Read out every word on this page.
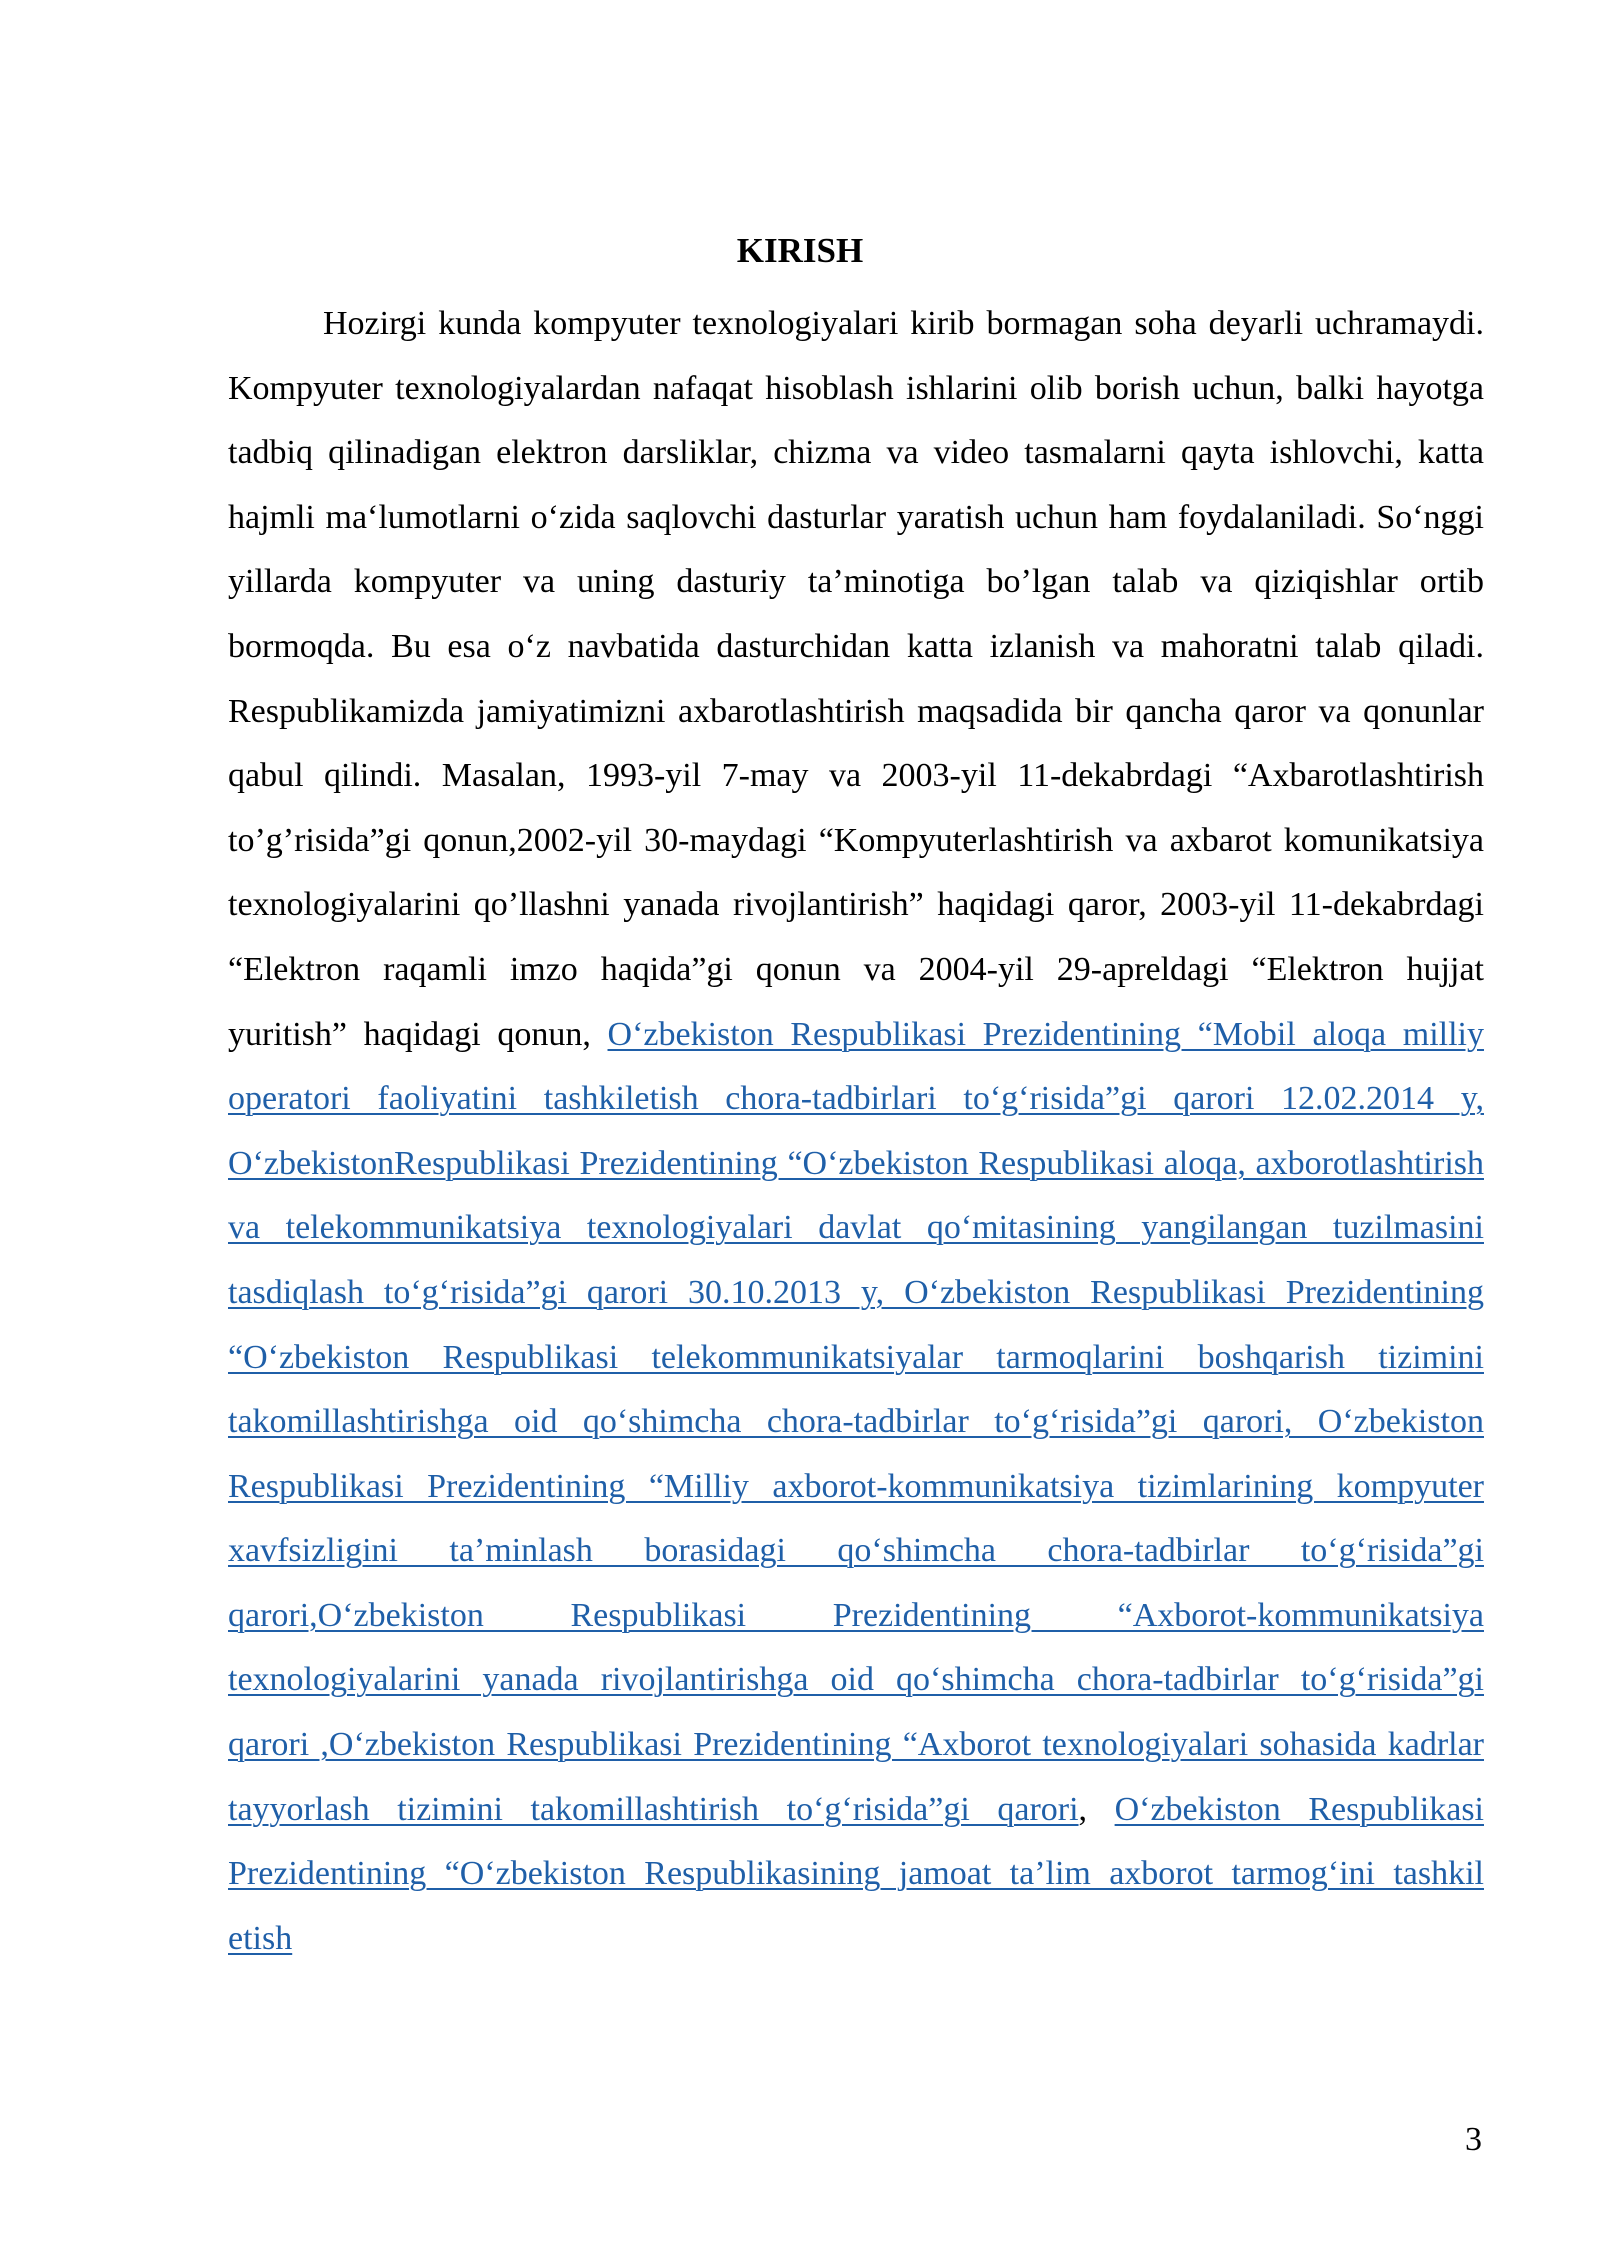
KIRISH

Hozirgi kunda kompyuter texnologiyalari kirib bormagan soha deyarli uchramaydi. Kompyuter texnologiyalardan nafaqat hisoblash ishlarini olib borish uchun, balki hayotga tadbiq qilinadigan elektron darsliklar, chizma va video tasmalarni qayta ishlovchi, katta hajmli ma‘lumotlarni o‘zida saqlovchi dasturlar yaratish uchun ham foydalaniladi. So‘nggi yillarda kompyuter va uning dasturiy ta’minotiga bo’lgan talab va qiziqishlar ortib bormoqda. Bu esa o‘z navbatida dasturchidan katta izlanish va mahoratni talab qiladi. Respublikamizda jamiyatimizni axbarotlashtirish maqsadida bir qancha qaror va qonunlar qabul qilindi. Masalan, 1993-yil 7-may va 2003-yil 11-dekabrdagi “Axbarotlashtirish to’g’risida”gi qonun,2002-yil 30-maydagi “Kompyuterlashtirish va axbarot komunikatsiya texnologiyalarini qo’llashni yanada rivojlantirish” haqidagi qaror, 2003-yil 11-dekabrdagi “Elektron raqamli imzo haqida”gi qonun va 2004-yil 29-apreldagi “Elektron hujjat yuritish” haqidagi qonun, O‘zbekiston Respublikasi Prezidentining “Mobil aloqa milliy operatori faoliyatini tashkiletish chora-tadbirlari to‘g‘risida”gi qarori 12.02.2014 y, O‘zbekistonRespublikasi Prezidentining “O‘zbekiston Respublikasi aloqa, axborotlashtirish va telekommunikatsiya texnologiyalari davlat qo‘mitasining yangilangan tuzilmasini tasdiqlash to‘g‘risida”gi qarori 30.10.2013 y, O‘zbekiston Respublikasi Prezidentining “O‘zbekiston Respublikasi telekommunikatsiyalar tarmoqlarini boshqarish tizimini takomillashtirishga oid qo‘shimcha chora-tadbirlar to‘g‘risida”gi qarori, O‘zbekiston Respublikasi Prezidentining “Milliy axborot-kommunikatsiya tizimlarining kompyuter xavfsizligini ta’minlash borasidagi qo‘shimcha chora-tadbirlar to‘g‘risida”gi qarori,O‘zbekiston Respublikasi Prezidentining “Axborot-kommunikatsiya texnologiyalarini yanada rivojlantirishga oid qo‘shimcha chora-tadbirlar to‘g‘risida”gi qarori ,O‘zbekiston Respublikasi Prezidentining “Axborot texnologiyalari sohasida kadrlar tayyorlash tizimini takomillashtirish to‘g‘risida”gi qarori, O‘zbekiston Respublikasi Prezidentining “O‘zbekiston Respublikasining jamoat ta’lim axborot tarmog‘ini tashkil etish

3
